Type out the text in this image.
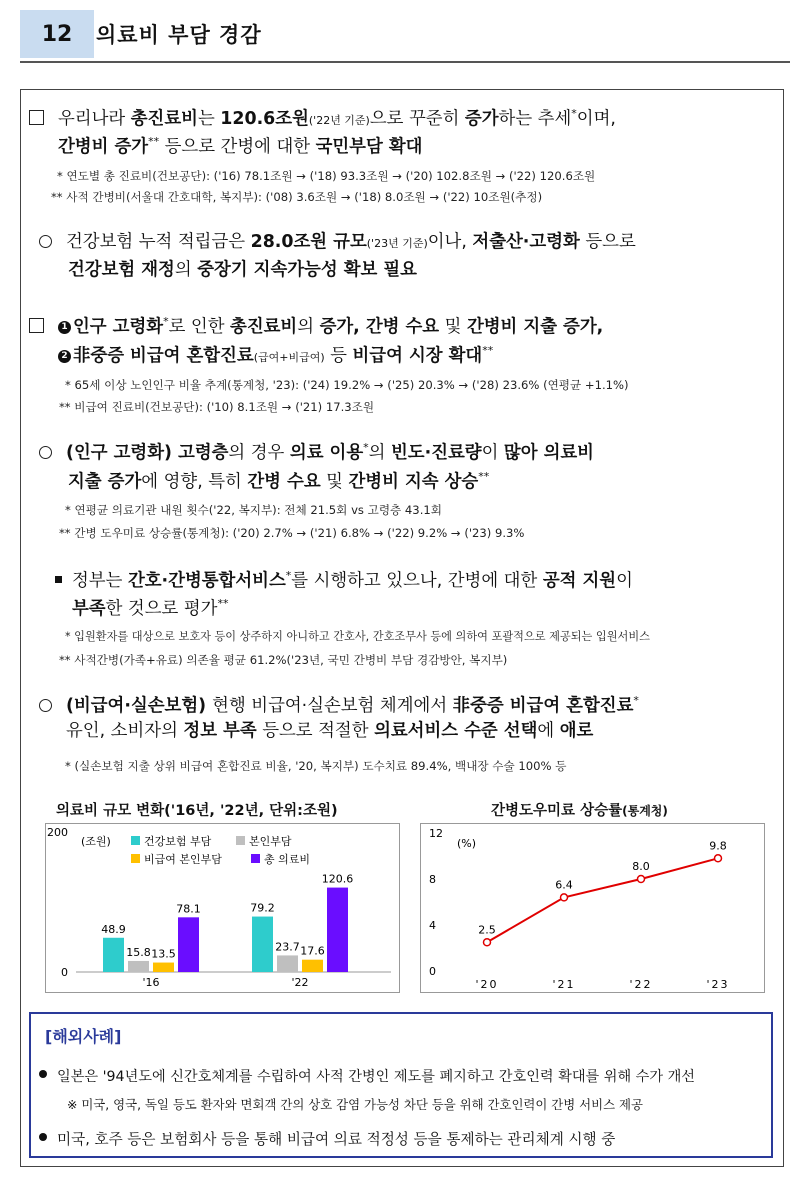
12	의료비 부담 경감
우리나라 총진료비는 120.6조원('22년 기준)으로 꾸준히 증가하는 추세*이며,
간병비 증가** 등으로 간병에 대한 국민부담 확대
* 연도별 총 진료비(건보공단): ('16) 78.1조원 → ('18) 93.3조원 → ('20) 102.8조원 → ('22) 120.6조원
** 사적 간병비(서울대 간호대학, 복지부): ('08) 3.6조원 → ('18) 8.0조원 → ('22) 10조원(추정)
건강보험 누적 적립금은 28.0조원 규모('23년 기준)이나, 저출산·고령화 등으로
건강보험 재정의 중장기 지속가능성 확보 필요
1 인구 고령화*로 인한 총진료비의 증가, 간병 수요 및 간병비 지출 증가,
2 非중증 비급여 혼합진료(급여+비급여) 등 비급여 시장 확대**
* 65세 이상 노인인구 비율 추계(통계청, '23): ('24) 19.2% → ('25) 20.3% → ('28) 23.6% (연평균 +1.1%)
** 비급여 진료비(건보공단): ('10) 8.1조원 → ('21) 17.3조원
(인구 고령화) 고령층의 경우 의료 이용*의 빈도·진료량이 많아 의료비
지출 증가에 영향, 특히 간병 수요 및 간병비 지속 상승**
* 연평균 의료기관 내원 횟수('22, 복지부): 전체 21.5회 vs 고령층 43.1회
** 간병 도우미료 상승률(통계청): ('20) 2.7% → ('21) 6.8% → ('22) 9.2% → ('23) 9.3%
정부는 간호·간병통합서비스*를 시행하고 있으나, 간병에 대한 공적 지원이
부족한 것으로 평가**
* 입원환자를 대상으로 보호자 등이 상주하지 아니하고 간호사, 간호조무사 등에 의하여 포괄적으로 제공되는 입원서비스
** 사적간병(가족+유료) 의존율 평균 61.2%('23년, 국민 간병비 부담 경감방안, 복지부)
(비급여·실손보험) 현행 비급여·실손보험 체계에서 非중증 비급여 혼합진료*
유인, 소비자의 정보 부족 등으로 적절한 의료서비스 수준 선택에 애로
* (실손보험 지출 상위 비급여 혼합진료 비율, '20, 복지부) 도수치료 89.4%, 백내장 수술 100% 등
의료비 규모 변화('16년, '22년, 단위:조원)	간병도우미료 상승률(통계청)
0
200
(조원)	건강보험 부담	본인부담
비급여 본인부담	총 의료비
48.9
15.8 13.5
78.1
'16
79.2
23.7 17.6
120.6
'22
0
4
8
12
(%)
2.5
'20
6.4
'21
8.0
'22
9.8
'23
[해외사례]
일본은 '94년도에 신간호체계를 수립하여 사적 간병인 제도를 폐지하고 간호인력 확대를 위해 수가 개선
※ 미국, 영국, 독일 등도 환자와 면회객 간의 상호 감염 가능성 차단 등을 위해 간호인력이 간병 서비스 제공
미국, 호주 등은 보험회사 등을 통해 비급여 의료 적정성 등을 통제하는 관리체계 시행 중
